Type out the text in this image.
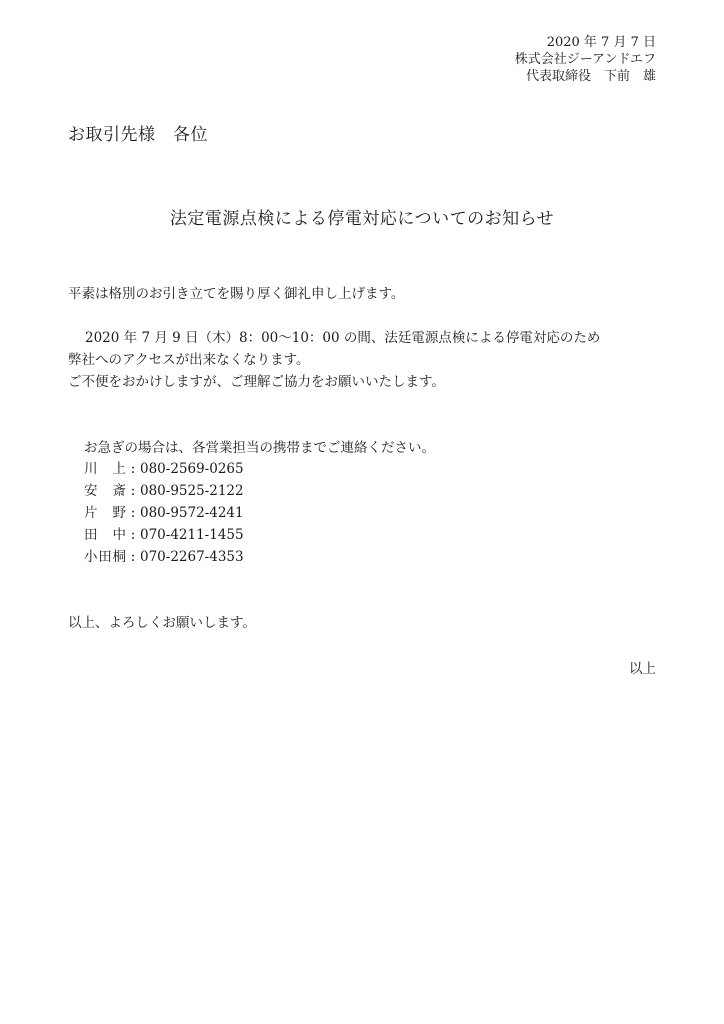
2020 年 7 月 7 日
株式会社ジーアンドエフ
代表取締役　下前　雄
お取引先様　各位
法定電源点検による停電対応についてのお知らせ
平素は格別のお引き立てを賜り厚く御礼申し上げます。
2020 年 7 月 9 日（木）8：00〜10：00 の間、法廷電源点検による停電対応のため
弊社へのアクセスが出来なくなります。
ご不便をおかけしますが、ご理解ご協力をお願いいたします。
お急ぎの場合は、各営業担当の携帯までご連絡ください。
川上 : 080-2569-0265
安斎 : 080-9525-2122
片野 : 080-9572-4241
田中 : 070-4211-1455
小田桐 : 070-2267-4353
以上、よろしくお願いします。
以上
